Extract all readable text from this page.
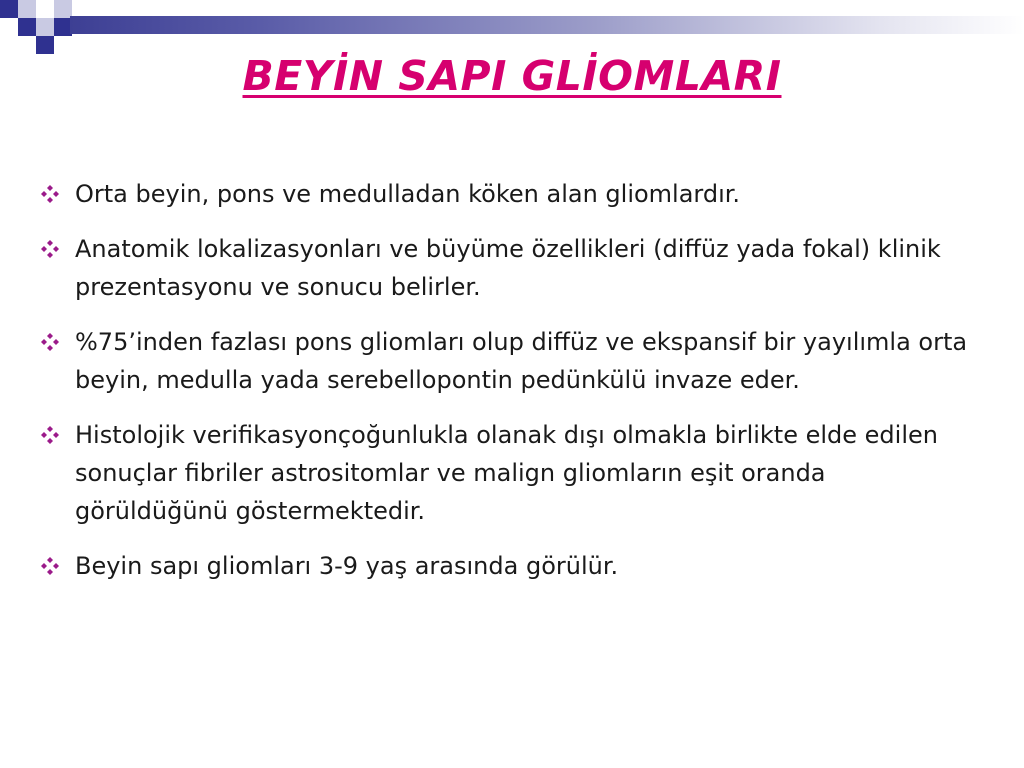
BEYİN SAPI GLİOMLARI
Orta beyin, pons ve medulladan köken alan gliomlardır.
Anatomik lokalizasyonları ve büyüme özellikleri (diffüz yada fokal) klinik prezentasyonu ve sonucu belirler.
%75’inden fazlası pons gliomları olup diffüz ve ekspansif bir yayılımla orta beyin, medulla yada serebellopontin pedünkülü invaze eder.
Histolojik verifikasyonçoğunlukla olanak dışı olmakla birlikte elde edilen sonuçlar fibriler astrositomlar ve malign gliomların eşit oranda görüldüğünü göstermektedir.
Beyin sapı gliomları 3-9 yaş arasında görülür.
